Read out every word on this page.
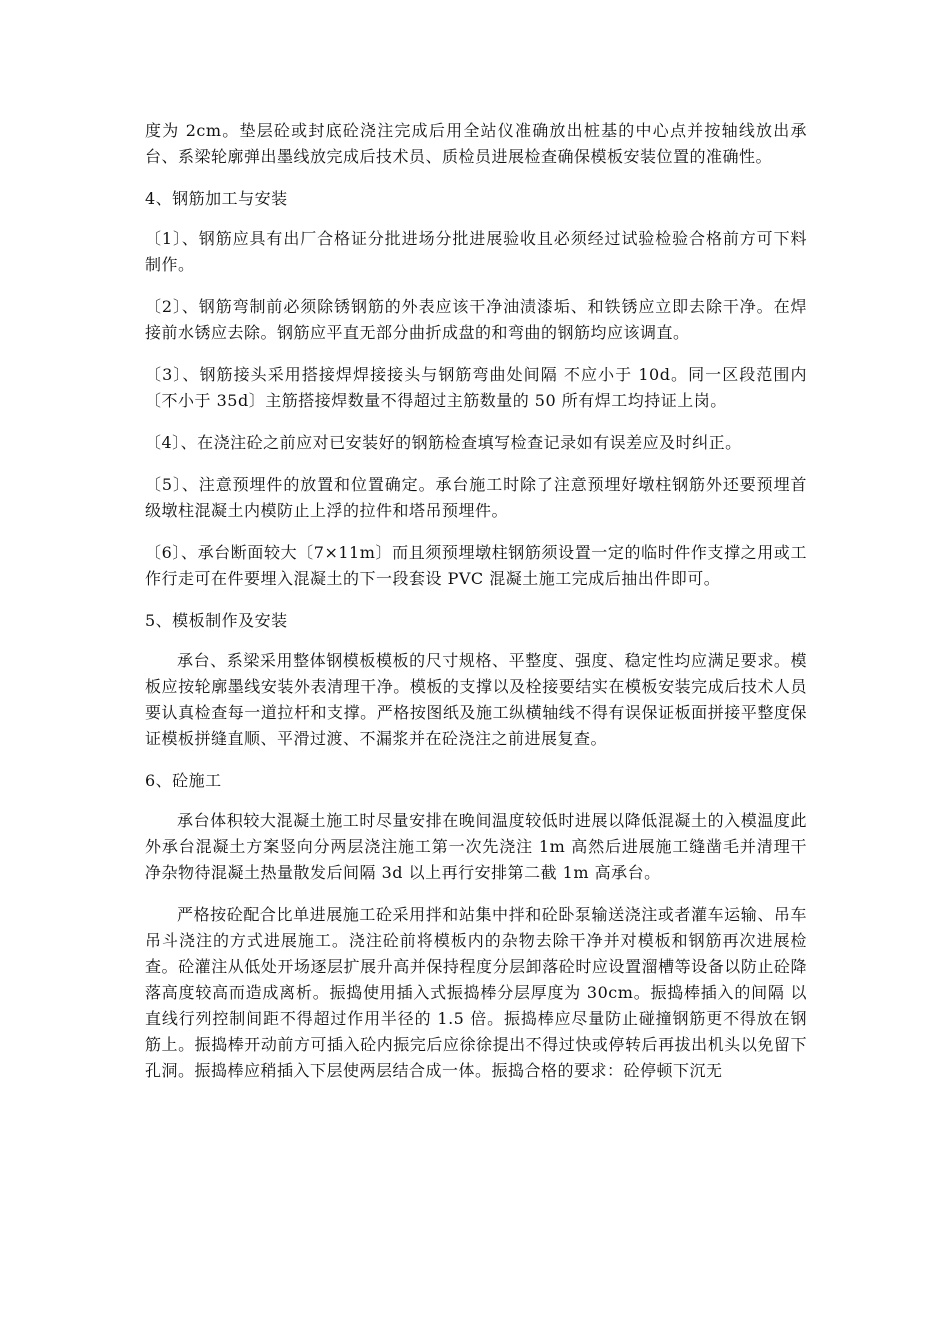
度为 2cm。垫层砼或封底砼浇注完成后用全站仪准确放出桩基的中心点并按轴线放出承台、系梁轮廓弹出墨线放完成后技术员、质检员进展检查确保模板安装位置的准确性。

4、钢筋加工与安装

〔1〕、钢筋应具有出厂合格证分批进场分批进展验收且必须经过试验检验合格前方可下料制作。

〔2〕、钢筋弯制前必须除锈钢筋的外表应该干净油渍漆垢、和铁锈应立即去除干净。在焊接前水锈应去除。钢筋应平直无部分曲折成盘的和弯曲的钢筋均应该调直。

〔3〕、钢筋接头采用搭接焊焊接接头与钢筋弯曲处间隔 不应小于 10d。同一区段范围内〔不小于 35d〕主筋搭接焊数量不得超过主筋数量的 50 所有焊工均持证上岗。

〔4〕、在浇注砼之前应对已安装好的钢筋检查填写检查记录如有误差应及时纠正。

〔5〕、注意预埋件的放置和位置确定。承台施工时除了注意预埋好墩柱钢筋外还要预埋首级墩柱混凝土内模防止上浮的拉件和塔吊预埋件。

〔6〕、承台断面较大〔7×11m〕而且须预埋墩柱钢筋须设置一定的临时件作支撑之用或工作行走可在件要埋入混凝土的下一段套设 PVC 混凝土施工完成后抽出件即可。

5、模板制作及安装

承台、系梁采用整体钢模板模板的尺寸规格、平整度、强度、稳定性均应满足要求。模板应按轮廓墨线安装外表清理干净。模板的支撑以及栓接要结实在模板安装完成后技术人员要认真检查每一道拉杆和支撑。严格按图纸及施工纵横轴线不得有误保证板面拼接平整度保证模板拼缝直顺、平滑过渡、不漏浆并在砼浇注之前进展复查。

6、砼施工

承台体积较大混凝土施工时尽量安排在晚间温度较低时进展以降低混凝土的入模温度此外承台混凝土方案竖向分两层浇注施工第一次先浇注 1m 高然后进展施工缝凿毛并清理干净杂物待混凝土热量散发后间隔 3d 以上再行安排第二截 1m 高承台。

严格按砼配合比单进展施工砼采用拌和站集中拌和砼卧泵输送浇注或者灌车运输、吊车吊斗浇注的方式进展施工。浇注砼前将模板内的杂物去除干净并对模板和钢筋再次进展检查。砼灌注从低处开场逐层扩展升高并保持程度分层卸落砼时应设置溜槽等设备以防止砼降落高度较高而造成离析。振捣使用插入式振捣棒分层厚度为 30cm。振捣棒插入的间隔 以直线行列控制间距不得超过作用半径的 1.5 倍。振捣棒应尽量防止碰撞钢筋更不得放在钢筋上。振捣棒开动前方可插入砼内振完后应徐徐提出不得过快或停转后再拔出机头以免留下孔洞。振捣棒应稍插入下层使两层结合成一体。振捣合格的要求：砼停顿下沉无
